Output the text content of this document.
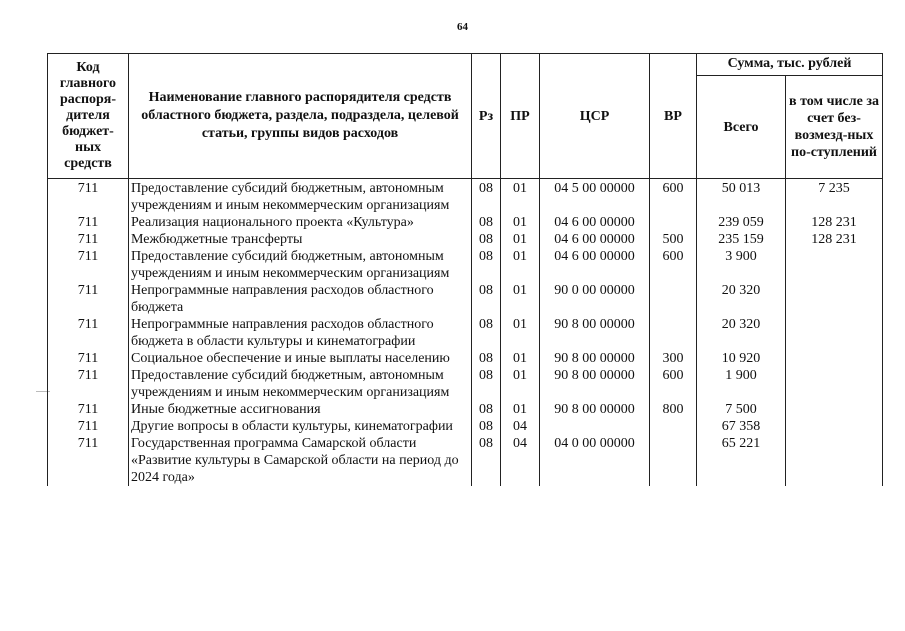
64
Код главного распоря-дителя бюджет-ных средств	Наименование главного распорядителя средств областного бюджета, раздела, подраздела, целевой статьи, группы видов расходов	Рз	ПР	ЦСР	ВР	Сумма, тыс. рублей	
						Всего	в том числе за счет без-возмезд-ных по-ступлений
711	Предоставление субсидий бюджетным, автономным учреждениям и иным некоммерческим организациям	08	01	04 5 00 00000	600	50 013	7 235
711	Реализация национального проекта «Культура»	08	01	04 6 00 00000		239 059	128 231
711	Межбюджетные трансферты	08	01	04 6 00 00000	500	235 159	128 231
711	Предоставление субсидий бюджетным, автономным учреждениям и иным некоммерческим организациям	08	01	04 6 00 00000	600	3 900	
711	Непрограммные направления расходов областного бюджета	08	01	90 0 00 00000		20 320	
711	Непрограммные направления расходов областного бюджета в области культуры и кинематографии	08	01	90 8 00 00000		20 320	
711	Социальное обеспечение и иные выплаты населению	08	01	90 8 00 00000	300	10 920	
711	Предоставление субсидий бюджетным, автономным учреждениям и иным некоммерческим организациям	08	01	90 8 00 00000	600	1 900	
711	Иные бюджетные ассигнования	08	01	90 8 00 00000	800	7 500	
711	Другие вопросы в области культуры, кинематографии	08	04			67 358	
711	Государственная программа Самарской области «Развитие культуры в Самарской области на период до 2024 года»	08	04	04 0 00 00000		65 221	
